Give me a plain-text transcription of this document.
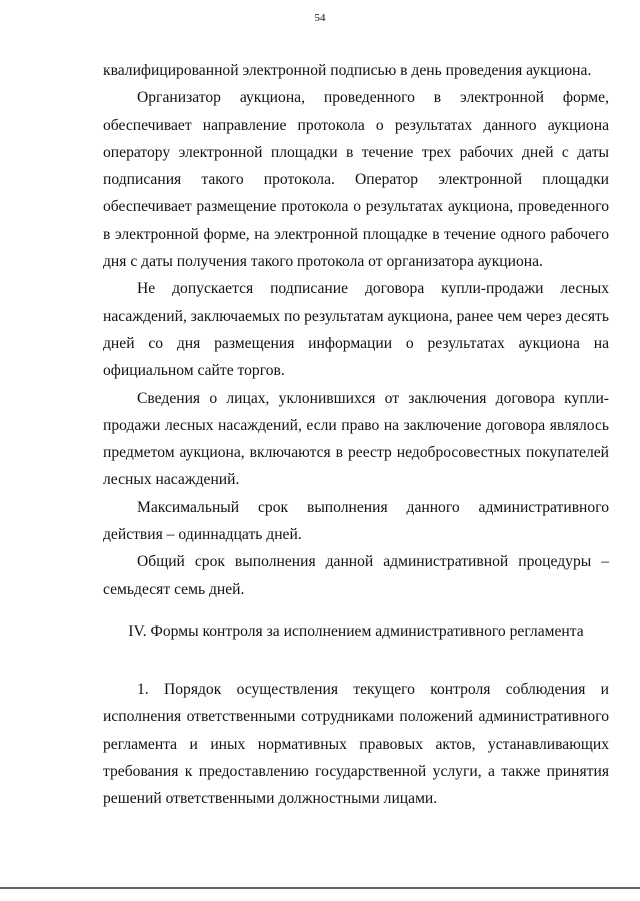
54

квалифицированной электронной подписью в день проведения аукциона.

Организатор аукциона, проведенного в электронной форме, обеспечивает направление протокола о результатах данного аукциона оператору электронной площадки в течение трех рабочих дней с даты подписания такого протокола. Оператор электронной площадки обеспечивает размещение протокола о результатах аукциона, проведенного в электронной форме, на электронной площадке в течение одного рабочего дня с даты получения такого протокола от организатора аукциона.

Не допускается подписание договора купли-продажи лесных насаждений, заключаемых по результатам аукциона, ранее чем через десять дней со дня размещения информации о результатах аукциона на официальном сайте торгов.

Сведения о лицах, уклонившихся от заключения договора купли-продажи лесных насаждений, если право на заключение договора являлось предметом аукциона, включаются в реестр недобросовестных покупателей лесных насаждений.

Максимальный срок выполнения данного административного действия – одиннадцать дней.

Общий срок выполнения данной административной процедуры – семьдесят семь дней.

IV. Формы контроля за исполнением административного регламента

1. Порядок осуществления текущего контроля соблюдения и исполнения ответственными сотрудниками положений административного регламента и иных нормативных правовых актов, устанавливающих требования к предоставлению государственной услуги, а также принятия решений ответственными должностными лицами.
